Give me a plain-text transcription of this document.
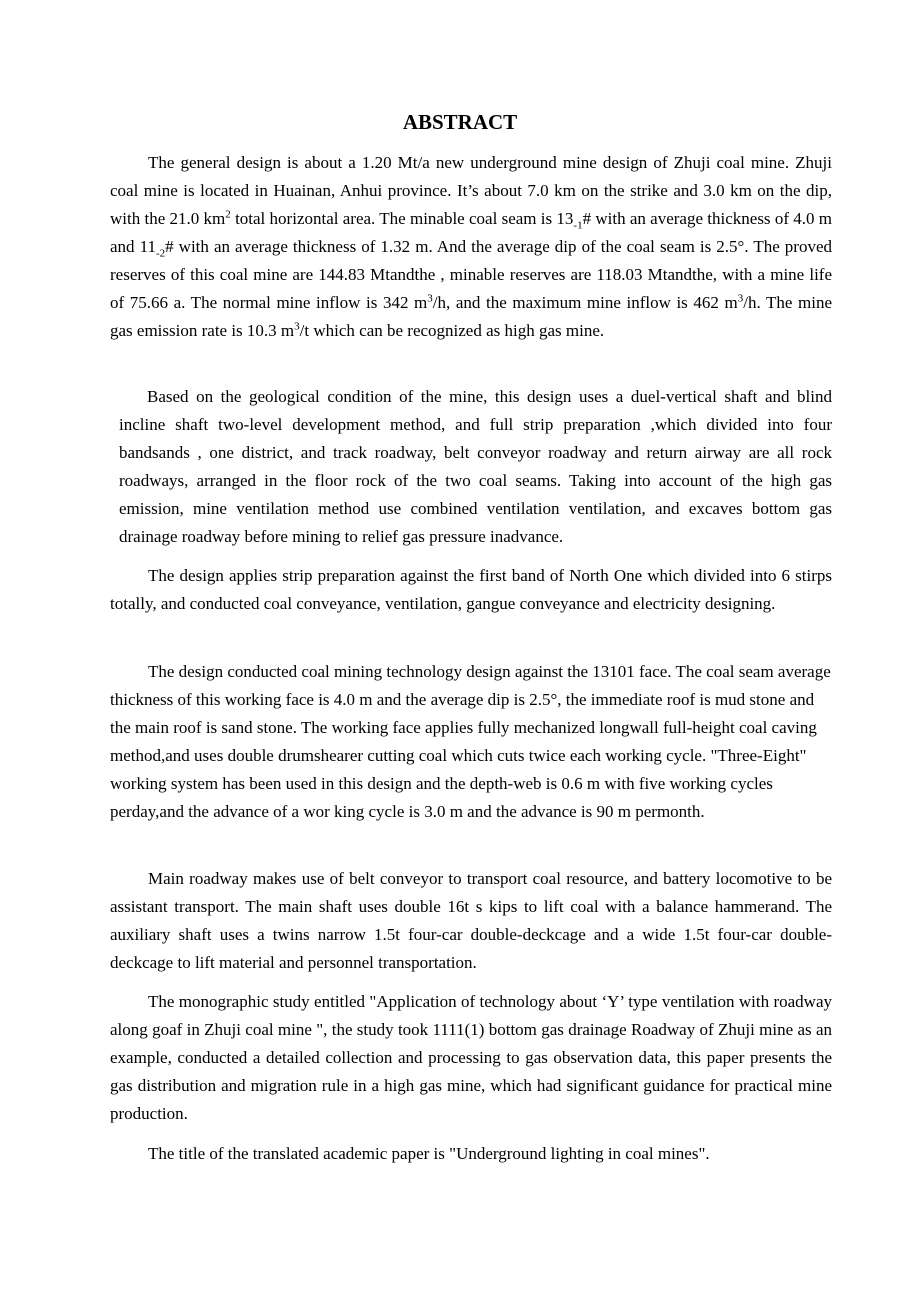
ABSTRACT

The general design is about a 1.20 Mt/a new underground mine design of Zhuji coal mine. Zhuji coal mine is located in Huainan, Anhui province. It’s about 7.0 km on the strike and 3.0 km on the dip, with the 21.0 $km^2$ total horizontal area. The minable coal seam is $13_{-1}\#$ with an average thickness of 4.0 m and $11_{-2}\#$ with an average thickness of 1.32 m. And the average dip of the coal seam is 2.5°. The proved reserves of this coal mine are 144.83 Mtandthe , minable reserves are 118.03 Mtandthe, with a mine life of 75.66 a. The normal mine inflow is 342 $m^3/h$, and the maximum mine inflow is 462 $m^3/h$. The mine gas emission rate is 10.3 $m^3/t$ which can be recognized as high gas mine.

Based on the geological condition of the mine, this design uses a duel-vertical shaft and blind incline shaft two-level development method, and full strip preparation ,which divided into four bandsands , one district, and track roadway, belt conveyor roadway and return airway are all rock roadways, arranged in the floor rock of the two coal seams. Taking into account of the high gas emission, mine ventilation method use combined ventilation ventilation, and excaves bottom gas drainage roadway before mining to relief gas pressure inadvance.

The design applies strip preparation against the first band of North One which divided into 6 stirps totally, and conducted coal conveyance, ventilation, gangue conveyance and electricity designing.

The design conducted coal mining technology design against the 13101 face. The coal seam average thickness of this working face is 4.0 m and the average dip is 2.5°, the immediate roof is mud stone and the main roof is sand stone. The working face applies fully mechanized longwall full-height coal caving method,and uses double drumshearer cutting coal which cuts twice each working cycle. "Three-Eight" working system has been used in this design and the depth-web is 0.6 m with five working cycles perday,and the advance of a wor king cycle is 3.0 m and the advance is 90 m permonth.

Main roadway makes use of belt conveyor to transport coal resource, and battery locomotive to be assistant transport. The main shaft uses double 16t s kips to lift coal with a balance hammerand. The auxiliary shaft uses a twins narrow 1.5t four-car double-deckcage and a wide 1.5t four-car double-deckcage to lift material and personnel transportation.

The monographic study entitled "Application of technology about ‘Y’ type ventilation with roadway along goaf in Zhuji coal mine ", the study took 1111(1) bottom gas drainage Roadway of Zhuji mine as an example, conducted a detailed collection and processing to gas observation data, this paper presents the gas distribution and migration rule in a high gas mine, which had significant guidance for practical mine production.

The title of the translated academic paper is "Underground lighting in coal mines".
